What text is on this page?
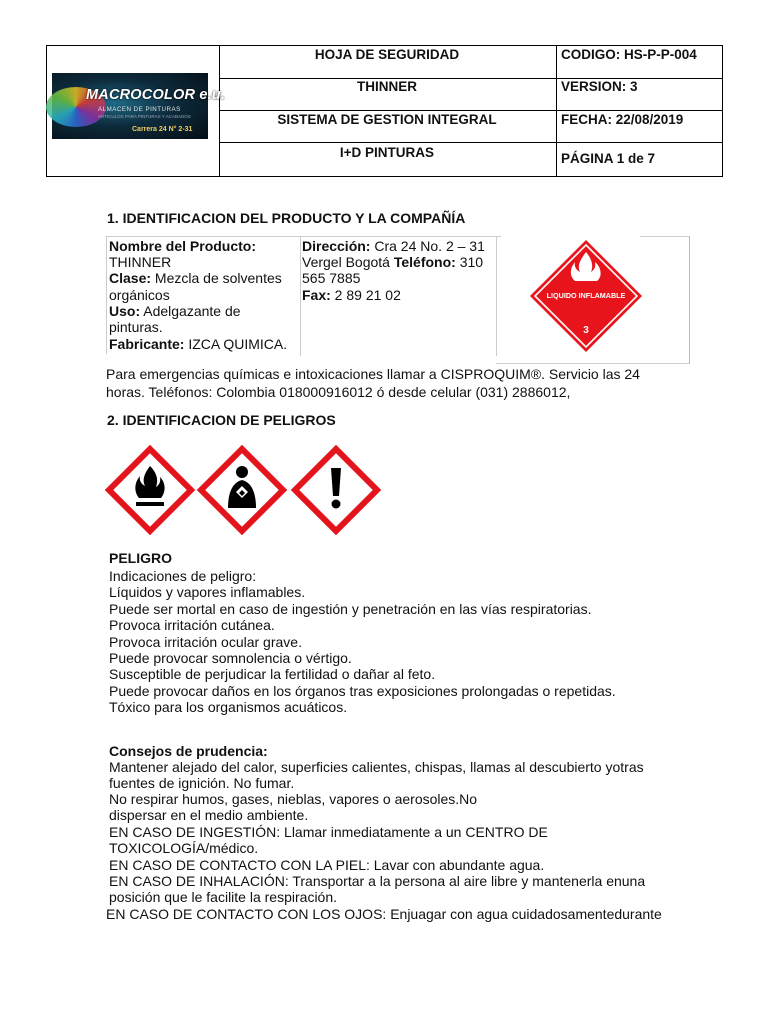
MACROCOLOR e.u.
ALMACEN DE PINTURAS
ARTICULOS PARA PINTURAS Y ACABADOS
Carrera 24 N° 2-31
HOJA DE SEGURIDAD	CODIGO: HS-P-P-004
THINNER	VERSION: 3
SISTEMA DE GESTION INTEGRAL	FECHA: 22/08/2019
I+D PINTURAS	PÁGINA 1 de 7
1. IDENTIFICACION DEL PRODUCTO Y LA COMPAÑÍA
Nombre del Producto:
THINNER
Clase: Mezcla de solventes
orgánicos
Uso: Adelgazante de
pinturas.
Fabricante: IZCA QUIMICA.
Dirección: Cra 24 No. 2 – 31
Vergel Bogotá Teléfono: 310
565 7885
Fax: 2 89 21 02	LIQUIDO INFLAMABLE
3
Para emergencias químicas e intoxicaciones llamar a CISPROQUIM®. Servicio las 24
horas. Teléfonos: Colombia 018000916012 ó desde celular (031) 2886012,
2. IDENTIFICACION DE PELIGROS
PELIGRO
Indicaciones de peligro:
Líquidos y vapores inflamables.
Puede ser mortal en caso de ingestión y penetración en las vías respiratorias.
Provoca irritación cutánea.
Provoca irritación ocular grave.
Puede provocar somnolencia o vértigo.
Susceptible de perjudicar la fertilidad o dañar al feto.
Puede provocar daños en los órganos tras exposiciones prolongadas o repetidas.
Tóxico para los organismos acuáticos.
Consejos de prudencia:
Mantener alejado del calor, superficies calientes, chispas, llamas al descubierto yotras
fuentes de ignición. No fumar.
No respirar humos, gases, nieblas, vapores o aerosoles.No
dispersar en el medio ambiente.
EN CASO DE INGESTIÓN: Llamar inmediatamente a un CENTRO DE
TOXICOLOGÍA/médico.
EN CASO DE CONTACTO CON LA PIEL: Lavar con abundante agua.
EN CASO DE INHALACIÓN: Transportar a la persona al aire libre y mantenerla enuna
posición que le facilite la respiración.
EN CASO DE CONTACTO CON LOS OJOS: Enjuagar con agua cuidadosamentedurante
